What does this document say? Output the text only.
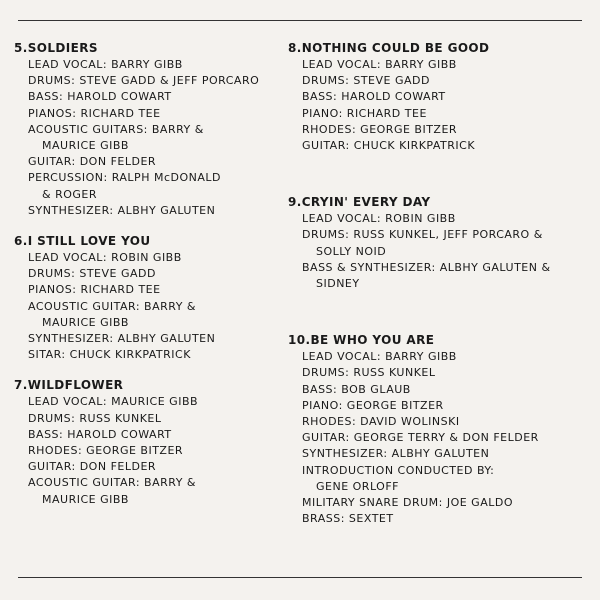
5.SOLDIERS
LEAD VOCAL: BARRY GIBB
DRUMS: STEVE GADD & JEFF PORCARO
BASS: HAROLD COWART
PIANOS: RICHARD TEE
ACOUSTIC GUITARS: BARRY &
MAURICE GIBB
GUITAR: DON FELDER
PERCUSSION: RALPH McDONALD
& ROGER
SYNTHESIZER: ALBHY GALUTEN
6.I STILL LOVE YOU
LEAD VOCAL: ROBIN GIBB
DRUMS: STEVE GADD
PIANOS: RICHARD TEE
ACOUSTIC GUITAR: BARRY &
MAURICE GIBB
SYNTHESIZER: ALBHY GALUTEN
SITAR: CHUCK KIRKPATRICK
7.WILDFLOWER
LEAD VOCAL: MAURICE GIBB
DRUMS: RUSS KUNKEL
BASS: HAROLD COWART
RHODES: GEORGE BITZER
GUITAR: DON FELDER
ACOUSTIC GUITAR: BARRY &
MAURICE GIBB
8.NOTHING COULD BE GOOD
LEAD VOCAL: BARRY GIBB
DRUMS: STEVE GADD
BASS: HAROLD COWART
PIANO: RICHARD TEE
RHODES: GEORGE BITZER
GUITAR: CHUCK KIRKPATRICK
9.CRYIN' EVERY DAY
LEAD VOCAL: ROBIN GIBB
DRUMS: RUSS KUNKEL, JEFF PORCARO &
SOLLY NOID
BASS & SYNTHESIZER: ALBHY GALUTEN &
SIDNEY
10.BE WHO YOU ARE
LEAD VOCAL: BARRY GIBB
DRUMS: RUSS KUNKEL
BASS: BOB GLAUB
PIANO: GEORGE BITZER
RHODES: DAVID WOLINSKI
GUITAR: GEORGE TERRY & DON FELDER
SYNTHESIZER: ALBHY GALUTEN
INTRODUCTION CONDUCTED BY:
GENE ORLOFF
MILITARY SNARE DRUM: JOE GALDO
BRASS: SEXTET
